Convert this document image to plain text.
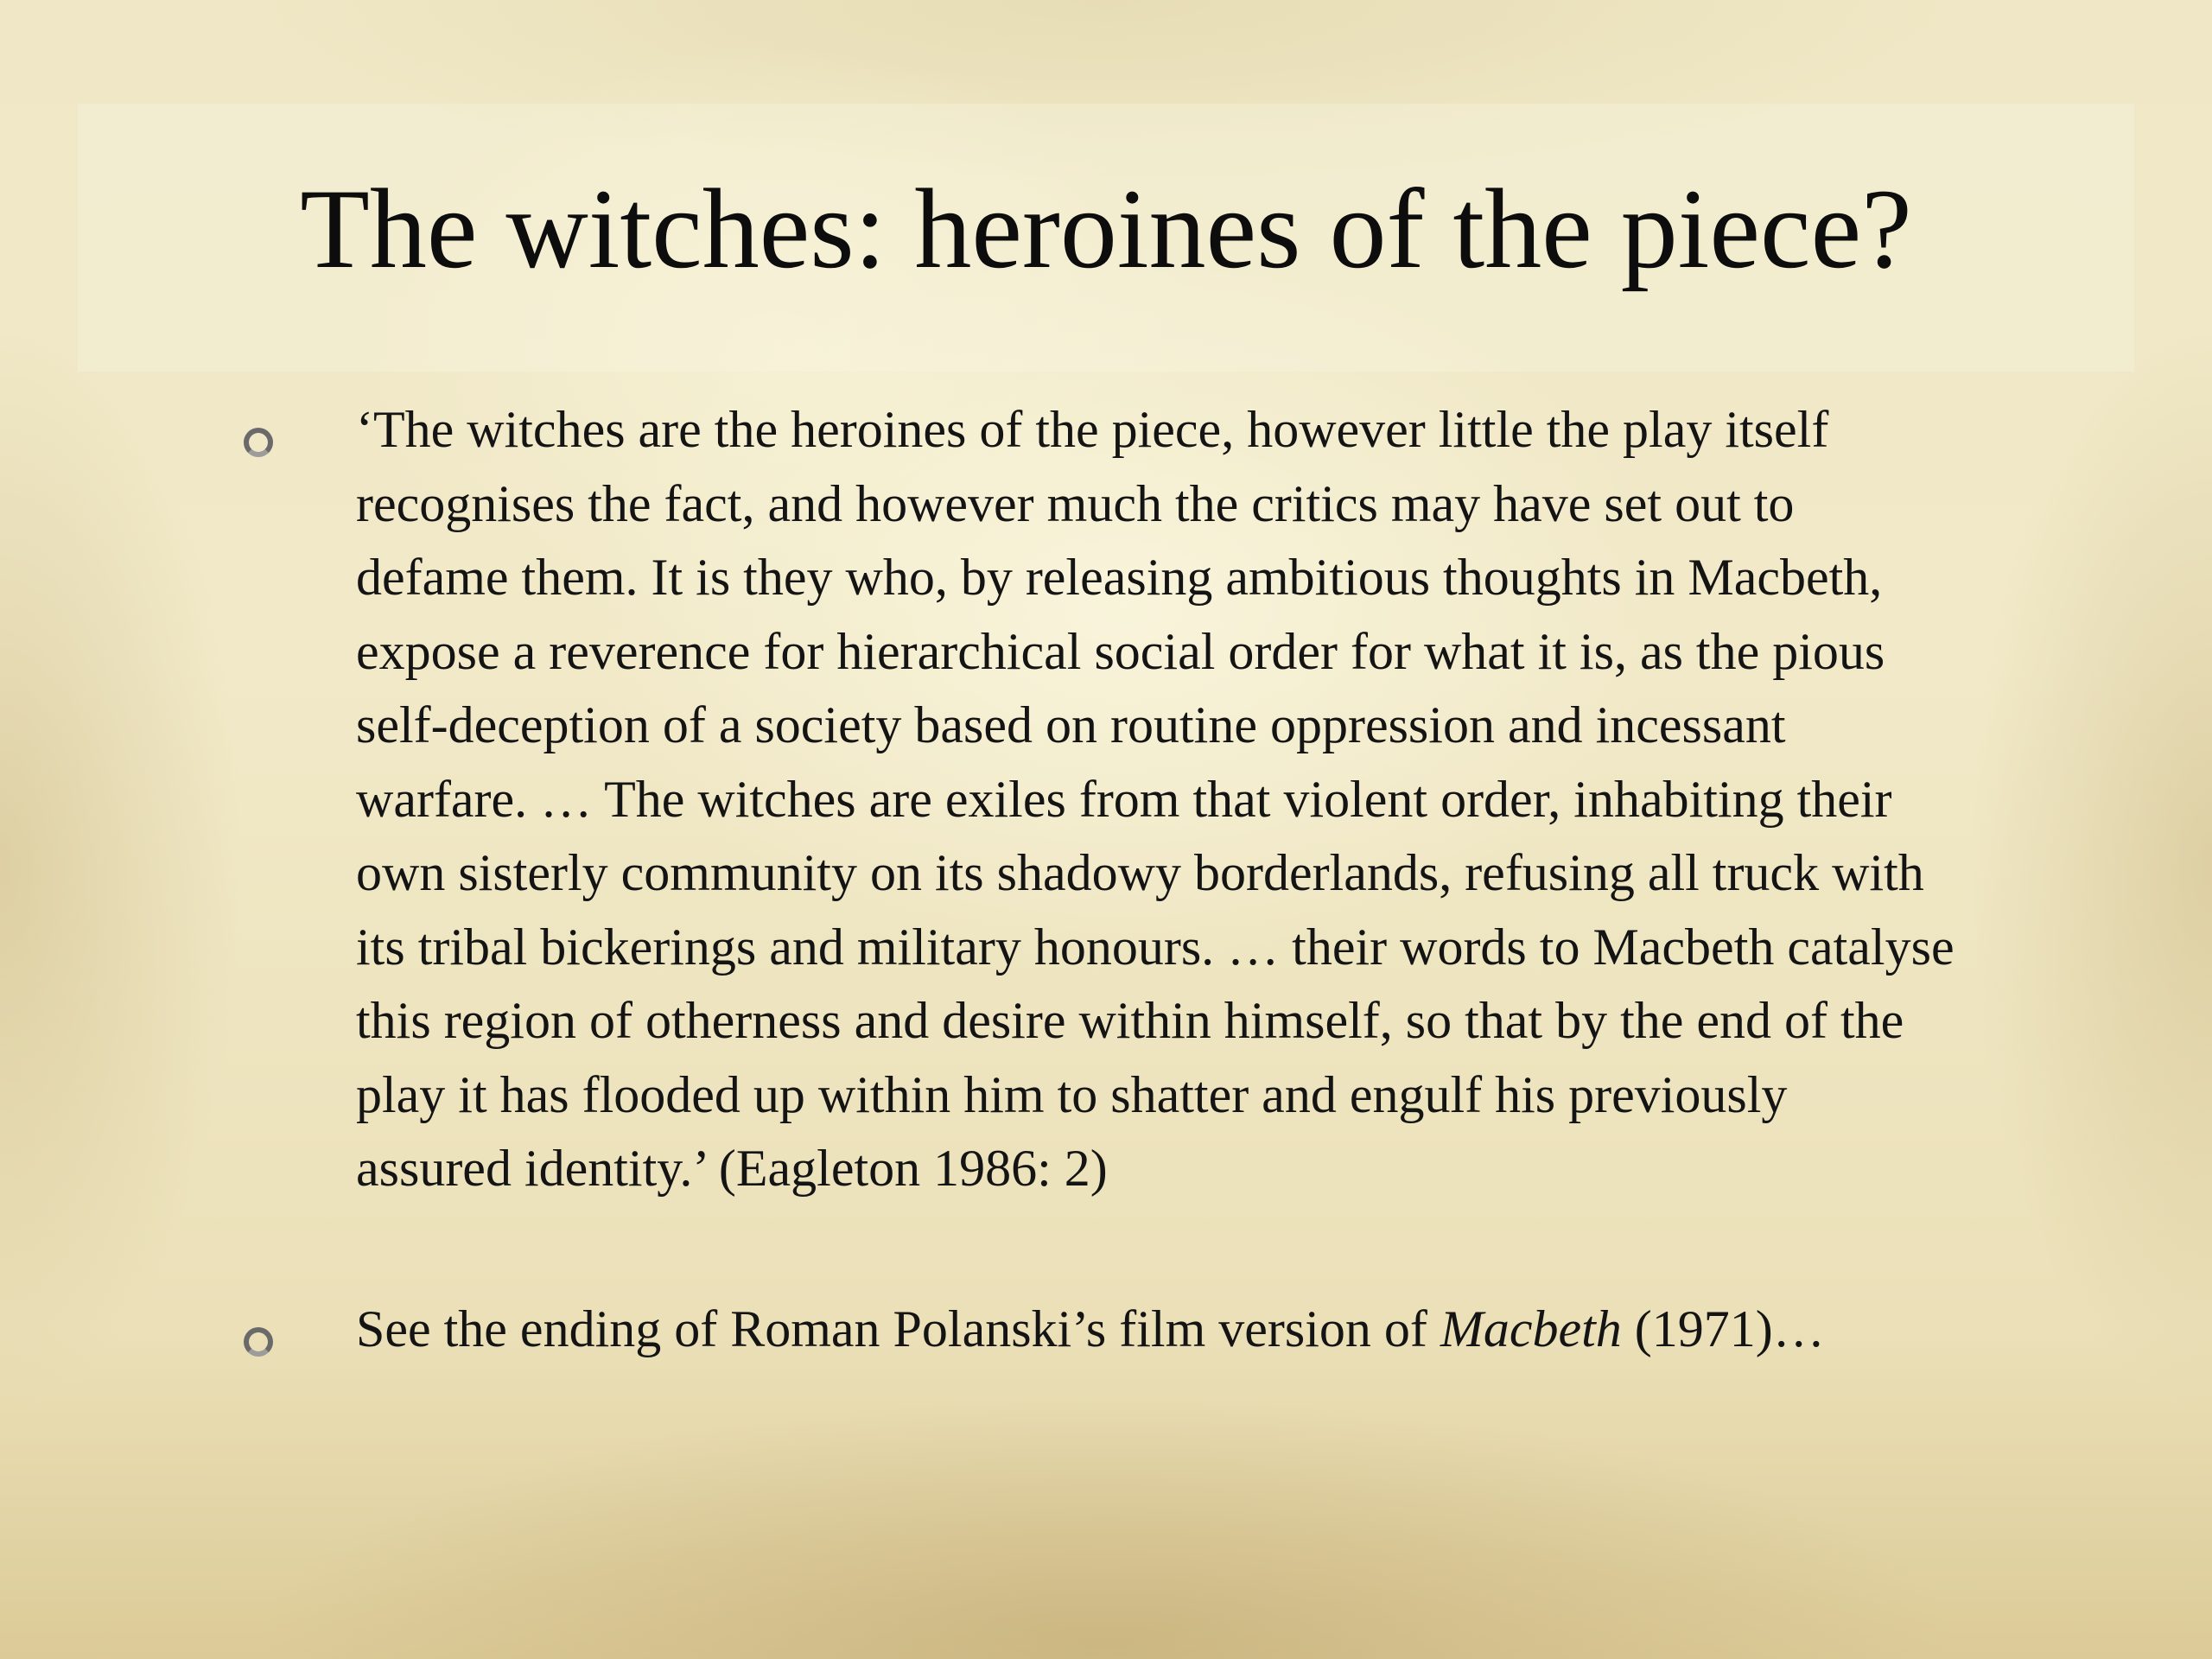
The witches: heroines of the piece?

‘The witches are the heroines of the piece, however little the play itself recognises the fact, and however much the critics may have set out to defame them. It is they who, by releasing ambitious thoughts in Macbeth, expose a reverence for hierarchical social order for what it is, as the pious self-deception of a society based on routine oppression and incessant warfare. … The witches are exiles from that violent order, inhabiting their own sisterly community on its shadowy borderlands, refusing all truck with its tribal bickerings and military honours. … their words to Macbeth catalyse this region of otherness and desire within himself, so that by the end of the play it has flooded up within him to shatter and engulf his previously assured identity.’ (Eagleton 1986: 2)

See the ending of Roman Polanski’s film version of Macbeth (1971)…
